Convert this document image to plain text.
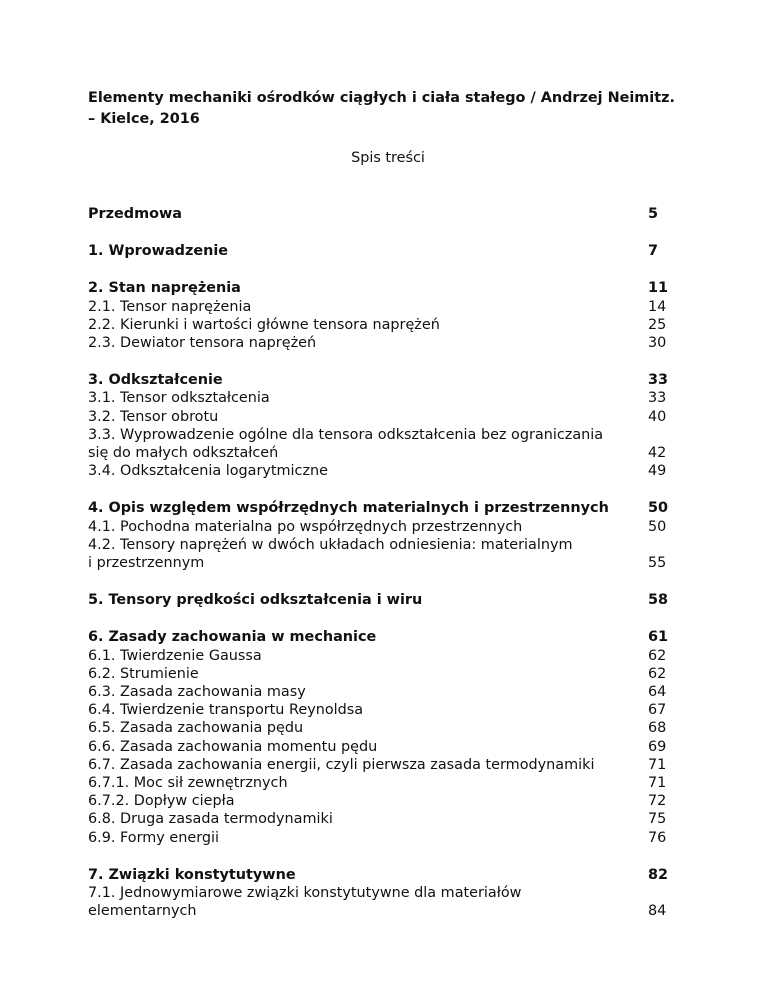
Elementy mechaniki ośrodków ciągłych i ciała stałego / Andrzej Neimitz.
– Kielce, 2016
Spis treści
Przedmowa	5
1. Wprowadzenie	7
2. Stan naprężenia	11
2.1. Tensor naprężenia	14
2.2. Kierunki i wartości główne tensora naprężeń	25
2.3. Dewiator tensora naprężeń	30
3. Odkształcenie	33
3.1. Tensor odkształcenia	33
3.2. Tensor obrotu	40
3.3. Wyprowadzenie ogólne dla tensora odkształcenia bez ograniczania
się do małych odkształceń	42
3.4. Odkształcenia logarytmiczne	49
4. Opis względem współrzędnych materialnych i przestrzennych	50
4.1. Pochodna materialna po współrzędnych przestrzennych	50
4.2. Tensory naprężeń w dwóch układach odniesienia: materialnym
i przestrzennym	55
5. Tensory prędkości odkształcenia i wiru	58
6. Zasady zachowania w mechanice	61
6.1. Twierdzenie Gaussa	62
6.2. Strumienie	62
6.3. Zasada zachowania masy	64
6.4. Twierdzenie transportu Reynoldsa	67
6.5. Zasada zachowania pędu	68
6.6. Zasada zachowania momentu pędu	69
6.7. Zasada zachowania energii, czyli pierwsza zasada termodynamiki	71
6.7.1. Moc sił zewnętrznych	71
6.7.2. Dopływ ciepła	72
6.8. Druga zasada termodynamiki	75
6.9. Formy energii	76
7. Związki konstytutywne	82
7.1. Jednowymiarowe związki konstytutywne dla materiałów
elementarnych	84
